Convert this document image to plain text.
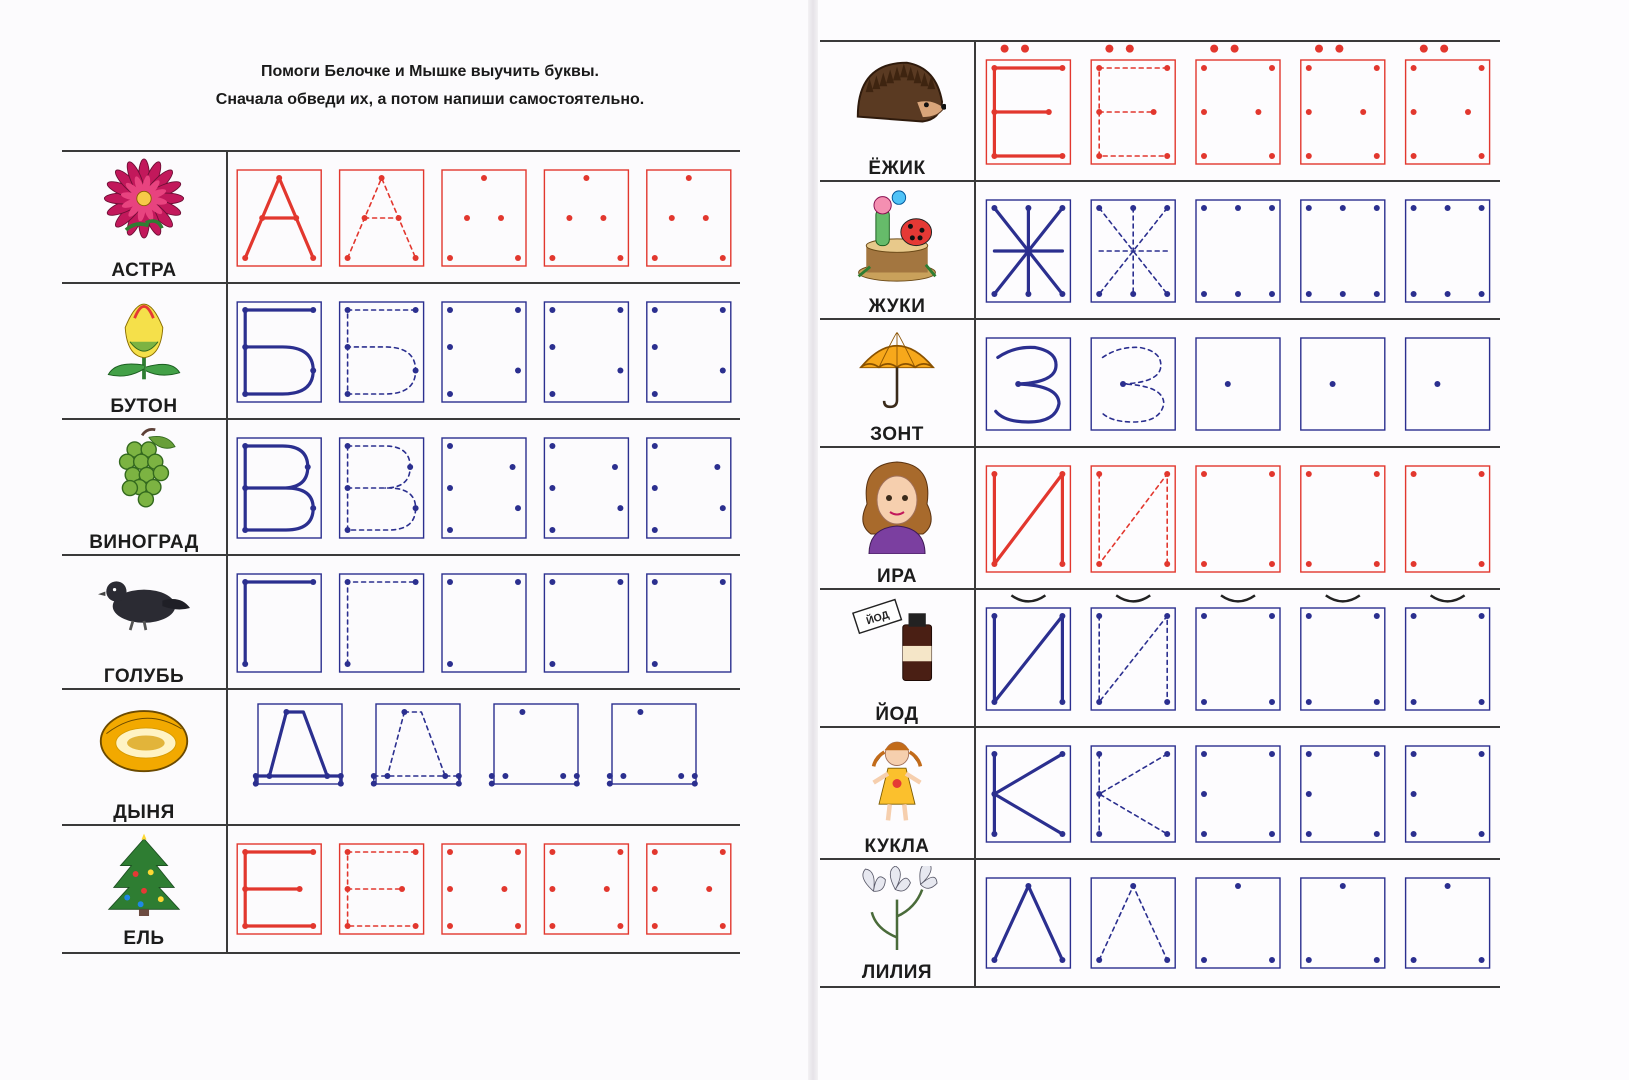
Помоги Белочке и Мышке выучить буквы.
Сначала обведи их, а потом напиши самостоятельно.
АСТРА
БУТОН
ВИНОГРАД
ГОЛУБЬ
ДЫНЯ
ЕЛЬ
ЁЖИК
ЖУКИ
ЗОНТ
ИРА
ЙОД
ЙОД
КУКЛА
ЛИЛИЯ
